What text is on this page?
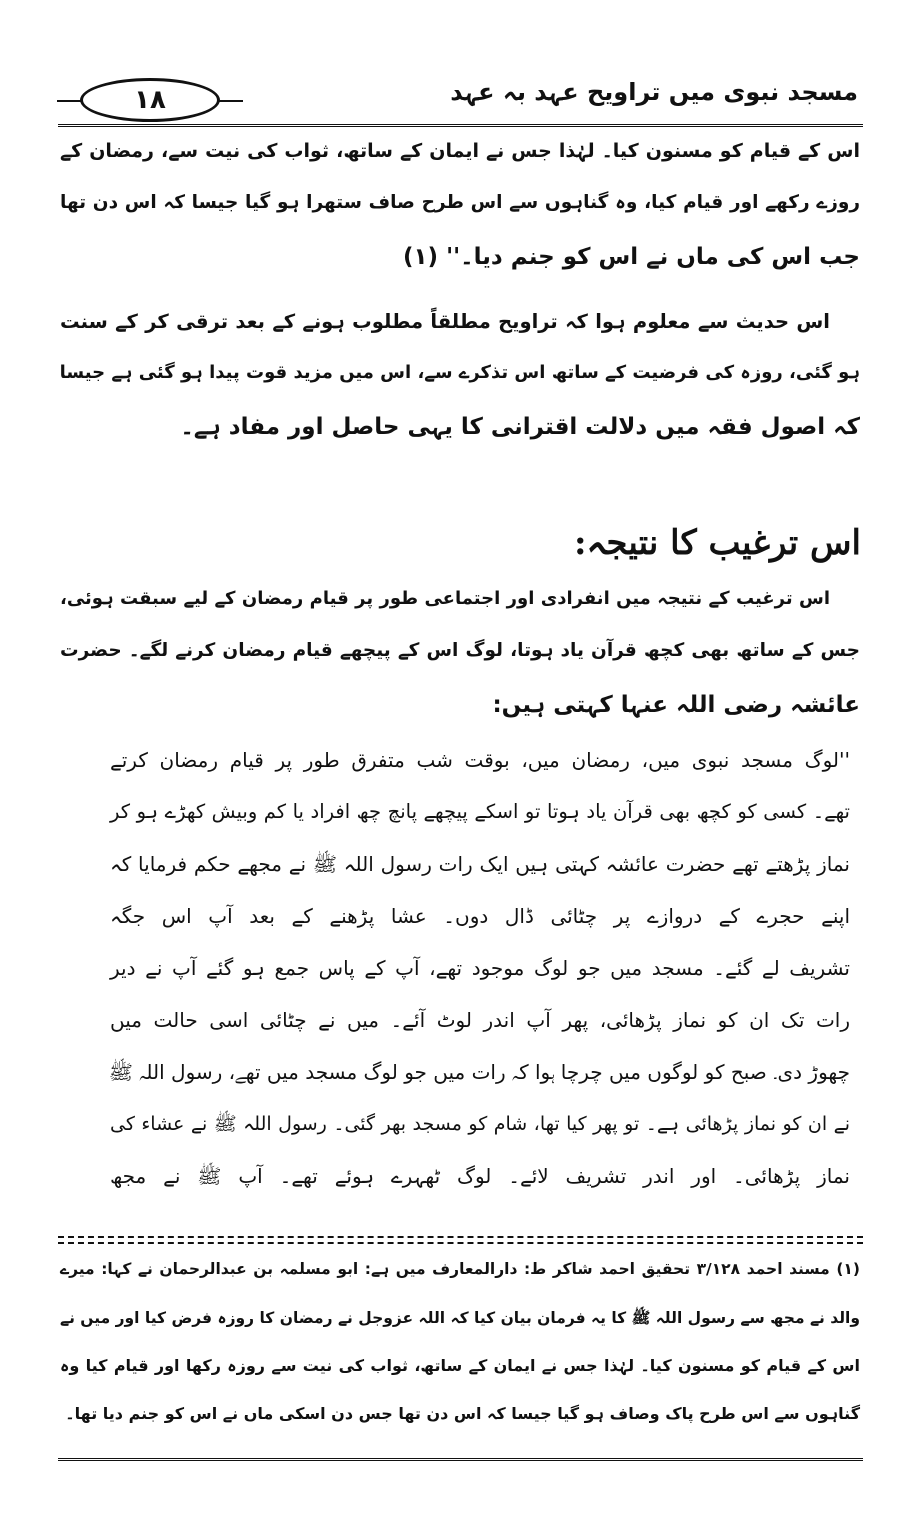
۱۸	مسجد نبوی میں تراویح عہد بہ عہد
اس کے قیام کو مسنون کیا۔ لہٰذا جس نے ایمان کے ساتھ، ثواب کی نیت سے، رمضان کے
روزے رکھے اور قیام کیا، وہ گناہوں سے اس طرح صاف ستھرا ہو گیا جیسا کہ اس دن تھا
جب اس کی ماں نے اس کو جنم دیا۔'' (۱)
اس حدیث سے معلوم ہوا کہ تراویح مطلقاً مطلوب ہونے کے بعد ترقی کر کے سنت
ہو گئی، روزہ کی فرضیت کے ساتھ اس تذکرے سے، اس میں مزید قوت پیدا ہو گئی ہے جیسا
کہ اصول فقہ میں دلالت اقترانی کا یہی حاصل اور مفاد ہے۔
اس ترغیب کا نتیجہ:
اس ترغیب کے نتیجہ میں انفرادی اور اجتماعی طور پر قیام رمضان کے لیے سبقت ہوئی،
جس کے ساتھ بھی کچھ قرآن یاد ہوتا، لوگ اس کے پیچھے قیام رمضان کرنے لگے۔ حضرت
عائشہ رضی اللہ عنہا کہتی ہیں:
''لوگ مسجد نبوی میں، رمضان میں، بوقت شب متفرق طور پر قیام رمضان کرتے
تھے۔ کسی کو کچھ بھی قرآن یاد ہوتا تو اسکے پیچھے پانچ چھ افراد یا کم وبیش کھڑے ہو کر
نماز پڑھتے تھے حضرت عائشہ کہتی ہیں ایک رات رسول اللہ ﷺ نے مجھے حکم فرمایا کہ
اپنے حجرے کے دروازے پر چٹائی ڈال دوں۔ عشا پڑھنے کے بعد آپ اس جگہ
تشریف لے گئے۔ مسجد میں جو لوگ موجود تھے، آپ کے پاس جمع ہو گئے آپ نے دیر
رات تک ان کو نماز پڑھائی، پھر آپ اندر لوٹ آئے۔ میں نے چٹائی اسی حالت میں
چھوڑ دی۔ صبح کو لوگوں میں چرچا ہوا کہ رات میں جو لوگ مسجد میں تھے، رسول اللہ ﷺ
نے ان کو نماز پڑھائی ہے۔ تو پھر کیا تھا، شام کو مسجد بھر گئی۔ رسول اللہ ﷺ نے عشاء کی
نماز پڑھائی۔ اور اندر تشریف لائے۔ لوگ ٹھہرے ہوئے تھے۔ آپ ﷺ نے مجھ
(۱) مسند احمد ۳/۱۲۸ تحقیق احمد شاکر ط: دارالمعارف میں ہے: ابو مسلمہ بن عبدالرحمان نے کہا: میرے
والد نے مجھ سے رسول اللہ ﷺ کا یہ فرمان بیان کیا کہ اللہ عزوجل نے رمضان کا روزہ فرض کیا اور میں نے
اس کے قیام کو مسنون کیا۔ لہٰذا جس نے ایمان کے ساتھ، ثواب کی نیت سے روزہ رکھا اور قیام کیا وہ
گناہوں سے اس طرح پاک وصاف ہو گیا جیسا کہ اس دن تھا جس دن اسکی ماں نے اس کو جنم دیا تھا۔
